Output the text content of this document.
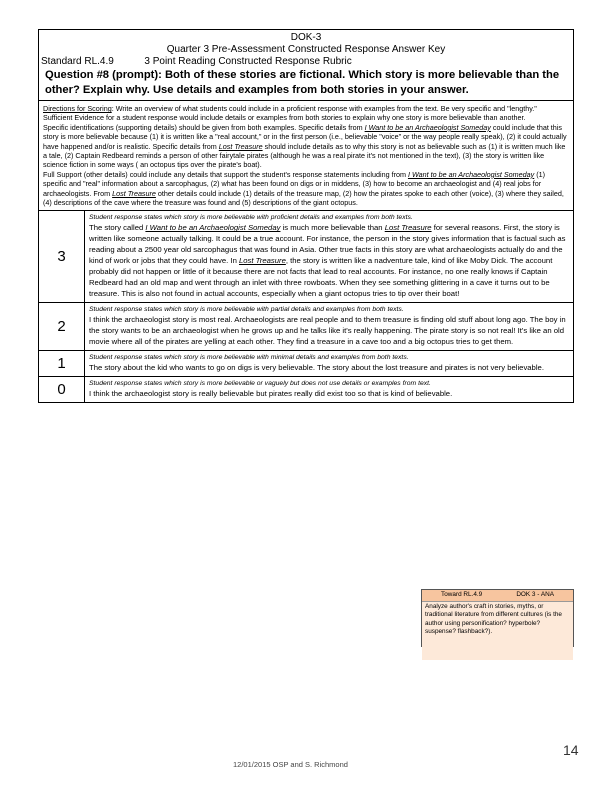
DOK-3
Quarter 3 Pre-Assessment Constructed Response Answer Key
Standard RL.4.9	3 Point Reading Constructed Response Rubric
Question #8 (prompt): Both of these stories are fictional. Which story is more believable than the other? Explain why. Use details and examples from both stories in your answer.

Directions for Scoring: Write an overview of what students could include in a proficient response with examples from the text. Be very specific and "lengthy."

Sufficient Evidence for a student response would include details or examples from both stories to explain why one story is more believable than another.

Specific identifications (supporting details) should be given from both examples. Specific details from I Want to be an Archaeologist Someday could include that this story is more believable because (1) it is written like a "real account," or in the first person (i.e., believable "voice" or the way people really speak), (2) it could actually have happened and/or is realistic. Specific details from Lost Treasure should include details as to why this story is not as believable such as (1) it is written much like a tale, (2) Captain Redbeard reminds a person of other fairytale pirates (although he was a real pirate it's not mentioned in the text), (3) the story is written like science fiction in some ways ( an octopus tips over the pirate's boat).

Full Support (other details) could include any details that support the student's response statements including from I Want to be an Archaeologist Someday (1) specific and "real" information about a sarcophagus, (2) what has been found on digs or in middens, (3) how to become an archaeologist and (4) real jobs for archaeologists. From Lost Treasure other details could include (1) details of the treasure map, (2) how the pirates spoke to each other (voice), (3) where they sailed, (4) descriptions of the cave where the treasure was found and (5) descriptions of the giant octopus.

3
Student response states which story is more believable with proficient details and examples from both texts.
The story called I Want to be an Archaeologist Someday is much more believable than Lost Treasure for several reasons. First, the story is written like someone actually talking. It could be a true account. For instance, the person in the story gives information that is factual such as reading about a 2500 year old sarcophagus that was found in Asia. Other true facts in this story are what archaeologists actually do and the kind of work or jobs that they could have. In Lost Treasure, the story is written like a nadventure tale, kind of like Moby Dick. The account probably did not happen or little of it because there are not facts that lead to real accounts. For instance, no one really knows if Captain Redbeard had an old map and went through an inlet with three rowboats. When they see something glittering in a cave it turns out to be treasure. This is also not found in actual accounts, especially when a giant octopus tries to tip over their boat!
2
Student response states which story is more believable with partial details and examples from both texts.
I think the archaeologist story is most real. Archaeologists are real people and to them treasure is finding old stuff about long ago. The boy in the story wants to be an archaeologist when he grows up and he talks like it's really happening. The pirate story is so not real! It's like an old movie where all of the pirates are yelling at each other. They find a treasure in a cave too and a big octopus tries to get them.
1	Student response states which story is more believable with minimal details and examples from both texts.
The story about the kid who wants to go on digs is very believable. The story about the lost treasure and pirates is not very believable.
0	Student response states which story is more believable or vaguely but does not use details or examples from text.
I think the archaeologist story is really believable but pirates really did exist too so that is kind of believable.
Toward RL.4.9	DOK 3 - ANA
Analyze author's craft in stories, myths, or traditional literature from different cultures (is the author using personification? hyperbole? suspense? flashback?).
12/01/2015 OSP and S. Richmond
14
